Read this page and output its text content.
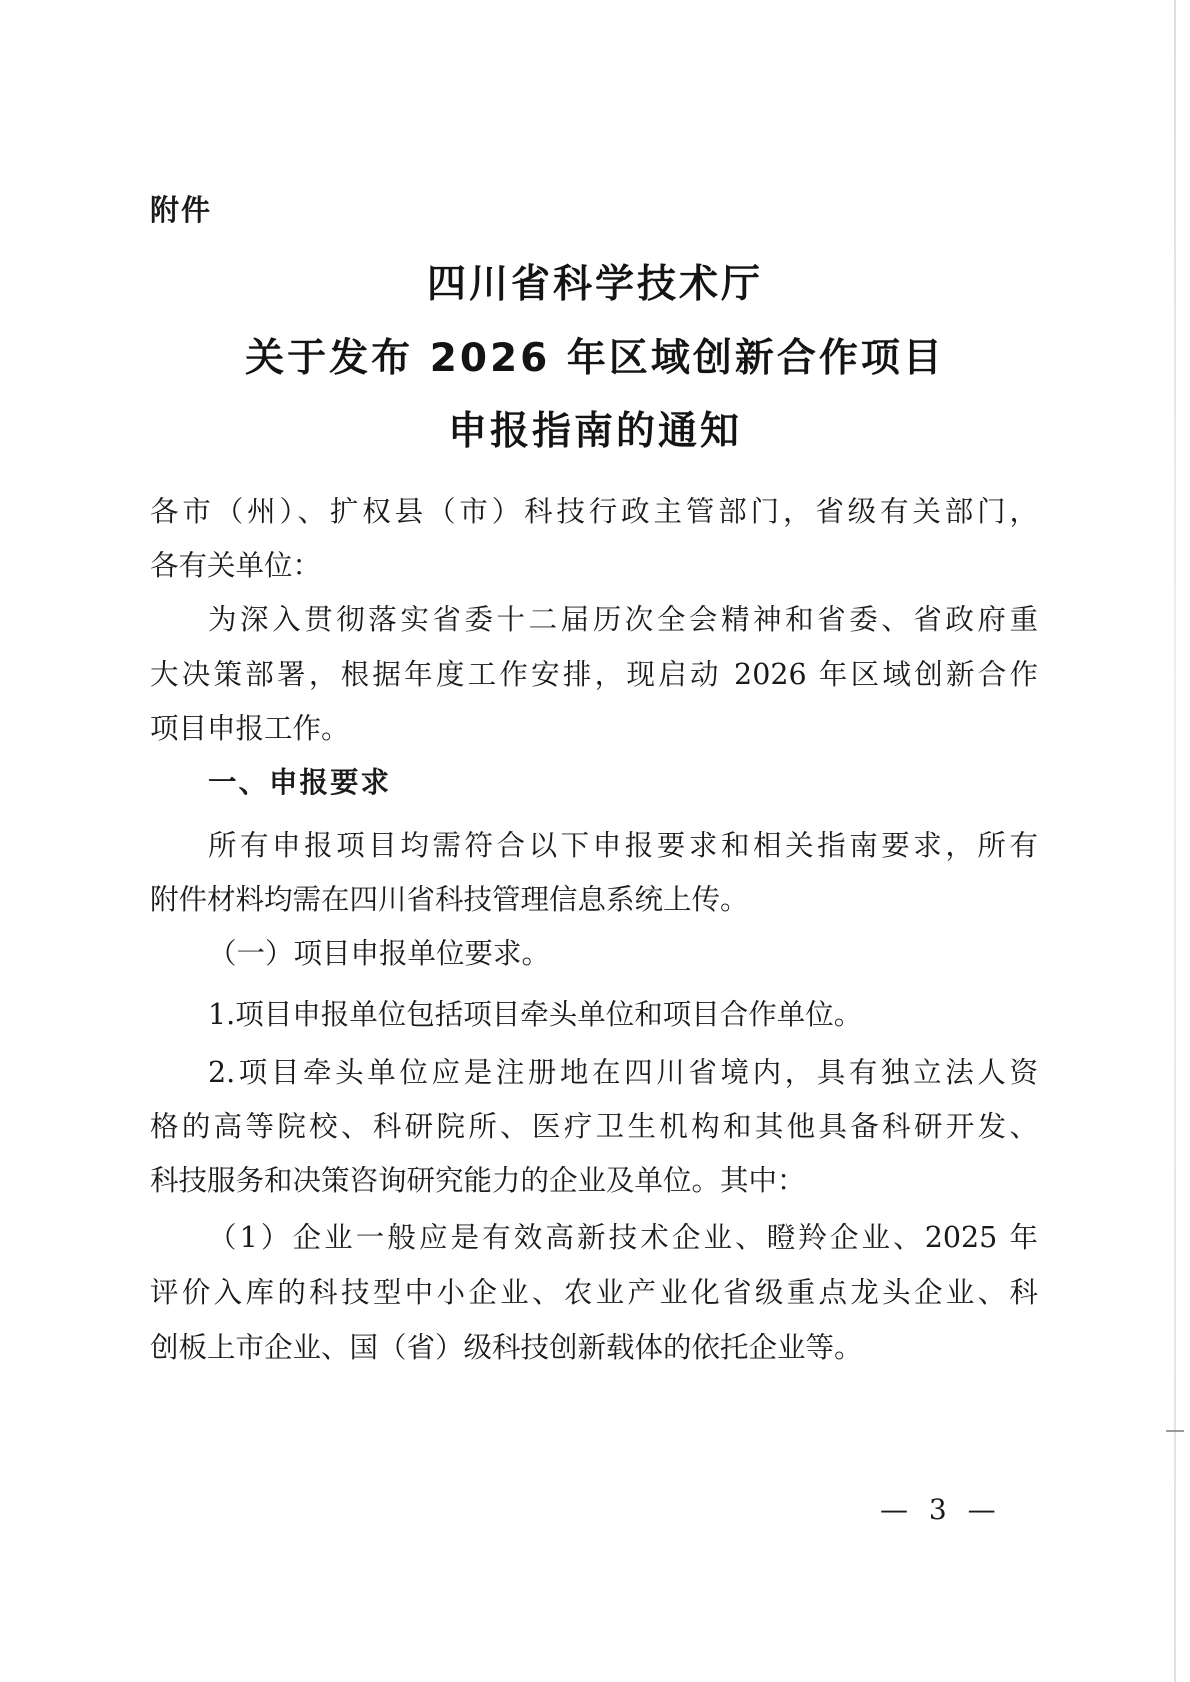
附件
四川省科学技术厅
关于发布 2026 年区域创新合作项目
申报指南的通知
各市（州）、扩权县（市）科技行政主管部门，省级有关部门，
各有关单位：
为深入贯彻落实省委十二届历次全会精神和省委、省政府重
大决策部署，根据年度工作安排，现启动 2026 年区域创新合作
项目申报工作。
一、申报要求
所有申报项目均需符合以下申报要求和相关指南要求，所有
附件材料均需在四川省科技管理信息系统上传。
（一）项目申报单位要求。
1.项目申报单位包括项目牵头单位和项目合作单位。
2.项目牵头单位应是注册地在四川省境内，具有独立法人资
格的高等院校、科研院所、医疗卫生机构和其他具备科研开发、
科技服务和决策咨询研究能力的企业及单位。其中：
（1）企业一般应是有效高新技术企业、瞪羚企业、2025 年
评价入库的科技型中小企业、农业产业化省级重点龙头企业、科
创板上市企业、国（省）级科技创新载体的依托企业等。
— 3 —
